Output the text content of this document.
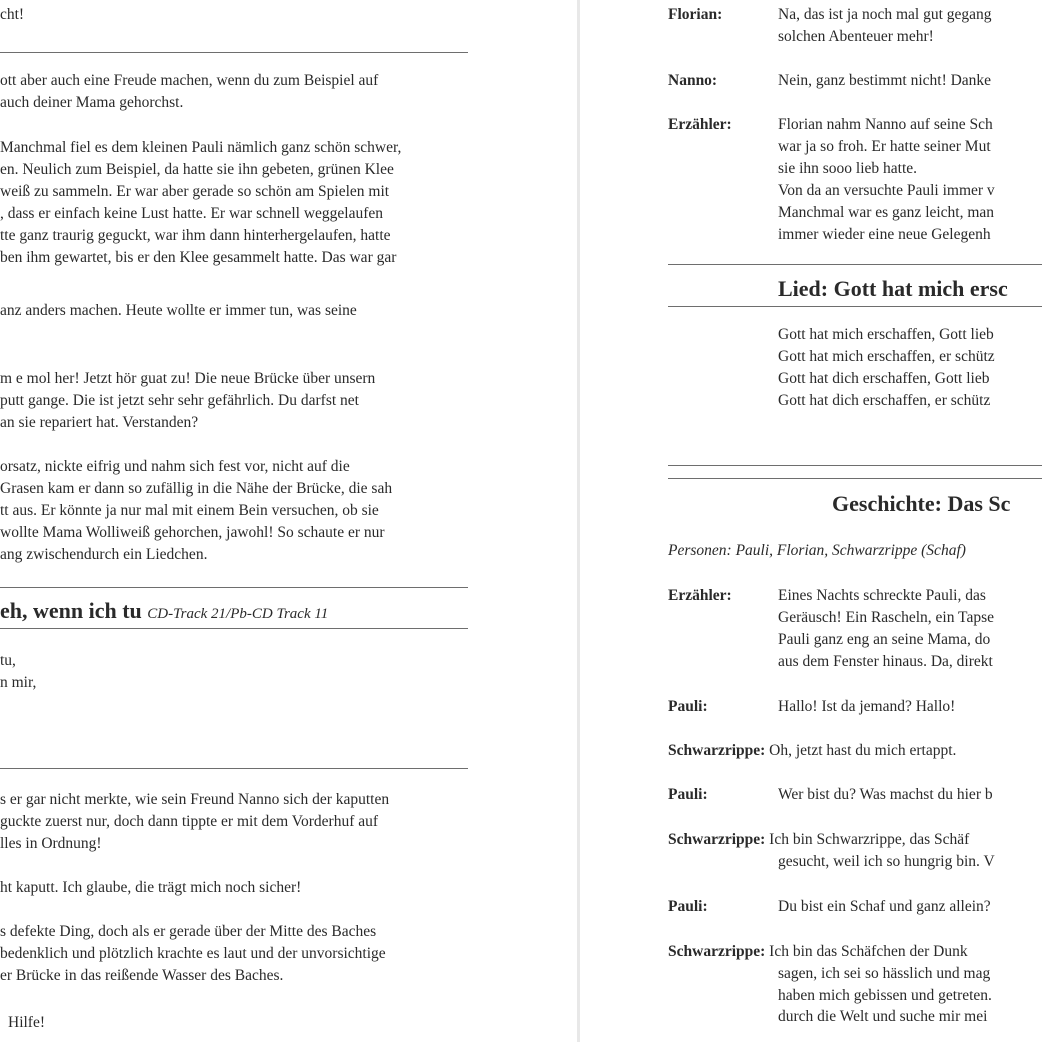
cht!
ott aber auch eine Freude machen, wenn du zum Beispiel auf
auch deiner Mama gehorchst.
Manchmal fiel es dem kleinen Pauli nämlich ganz schön schwer,
en. Neulich zum Beispiel, da hatte sie ihn gebeten, grünen Klee
weiß zu sammeln. Er war aber gerade so schön am Spielen mit
, dass er einfach keine Lust hatte. Er war schnell weggelaufen
tte ganz traurig geguckt, war ihm dann hinterhergelaufen, hatte
ben ihm gewartet, bis er den Klee gesammelt hatte. Das war gar
anz anders machen. Heute wollte er immer tun, was seine
m e mol her! Jetzt hör guat zu! Die neue Brücke über unsern
putt gange. Die ist jetzt sehr sehr gefährlich. Du darfst net
an sie repariert hat. Verstanden?
orsatz, nickte eifrig und nahm sich fest vor, nicht auf die
Grasen kam er dann so zufällig in die Nähe der Brücke, die sah
tt aus. Er könnte ja nur mal mit einem Bein versuchen, ob sie
wollte Mama Wolliweiß gehorchen, jawohl! So schaute er nur
ang zwischendurch ein Liedchen.
eh, wenn ich tu CD-Track 21/Pb-CD Track 11
tu,
n mir,
s er gar nicht merkte, wie sein Freund Nanno sich der kaputten
guckte zuerst nur, doch dann tippte er mit dem Vorderhuf auf
lles in Ordnung!
ht kaputt. Ich glaube, die trägt mich noch sicher!
s defekte Ding, doch als er gerade über der Mitte des Baches
bedenklich und plötzlich krachte es laut und der unvorsichtige
er Brücke in das reißende Wasser des Baches.
Hilfe!
Florian:	Na, das ist ja noch mal gut gegang
solchen Abenteuer mehr!
Nanno:	Nein, ganz bestimmt nicht! Danke
Erzähler:	Florian nahm Nanno auf seine Sch
war ja so froh. Er hatte seiner Mut
sie ihn sooo lieb hatte.
Von da an versuchte Pauli immer v
Manchmal war es ganz leicht, man
immer wieder eine neue Gelegenh
Lied: Gott hat mich ersc
Gott hat mich erschaffen, Gott lieb
Gott hat mich erschaffen, er schütz
Gott hat dich erschaffen, Gott lieb
Gott hat dich erschaffen, er schütz
Geschichte: Das Sc
Personen: Pauli, Florian, Schwarzrippe (Schaf)
Erzähler:	Eines Nachts schreckte Pauli, das
Geräusch! Ein Rascheln, ein Tapse
Pauli ganz eng an seine Mama, do
aus dem Fenster hinaus. Da, direkt
Pauli:	Hallo! Ist da jemand? Hallo!
Schwarzrippe: Oh, jetzt hast du mich ertappt.
Pauli:	Wer bist du? Was machst du hier b
Schwarzrippe: Ich bin Schwarzrippe, das Schäf
gesucht, weil ich so hungrig bin. V
Pauli:	Du bist ein Schaf und ganz allein?
Schwarzrippe: Ich bin das Schäfchen der Dunk
sagen, ich sei so hässlich und mag
haben mich gebissen und getreten.
durch die Welt und suche mir mei
